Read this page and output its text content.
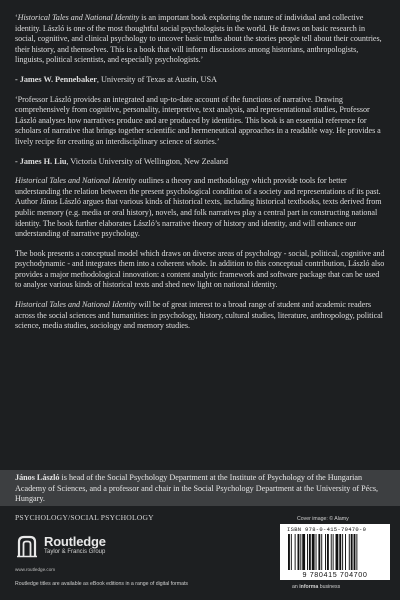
‘Historical Tales and National Identity is an important book exploring the nature of individual and collective identity. László is one of the most thoughtful social psychologists in the world. He draws on basic research in social, cognitive, and clinical psychology to uncover basic truths about the stories people tell about their countries, their history, and themselves. This is a book that will inform discussions among historians, anthropologists, linguists, political scientists, and especially psychologists.’

- James W. Pennebaker, University of Texas at Austin, USA

‘Professor László provides an integrated and up-to-date account of the functions of narrative. Drawing comprehensively from cognitive, personality, interpretive, text analysis, and representational studies, Professor László analyses how narratives produce and are produced by identities. This book is an essential reference for scholars of narrative that brings together scientific and hermeneutical approaches in a readable way. He provides a lively recipe for creating an interdisciplinary science of stories.’

- James H. Liu, Victoria University of Wellington, New Zealand

Historical Tales and National Identity outlines a theory and methodology which provide tools for better understanding the relation between the present psychological condition of a society and representations of its past. Author János László argues that various kinds of historical texts, including historical textbooks, texts derived from public memory (e.g. media or oral history), novels, and folk narratives play a central part in constructing national identity. The book further elaborates László’s narrative theory of history and identity, and will enhance our understanding of narrative psychology.

The book presents a conceptual model which draws on diverse areas of psychology - social, political, cognitive and psychodynamic - and integrates them into a coherent whole. In addition to this conceptual contribution, László also provides a major methodological innovation: a content analytic framework and software package that can be used to analyse various kinds of historical texts and shed new light on national identity.

Historical Tales and National Identity will be of great interest to a broad range of student and academic readers across the social sciences and humanities: in psychology, history, cultural studies, literature, anthropology, political science, media studies, sociology and memory studies.

János László is head of the Social Psychology Department at the Institute of Psychology of the Hungarian Academy of Sciences, and a professor and chair in the Social Psychology Department at the University of Pécs, Hungary.
PSYCHOLOGY/SOCIAL PSYCHOLOGY
Routledge
Taylor & Francis Group
www.routledge.com
Routledge titles are available as eBook editions in a range of digital formats
Cover image: © Alamy
ISBN 978-0-415-70470-0
9 780415 704700
an informa business
